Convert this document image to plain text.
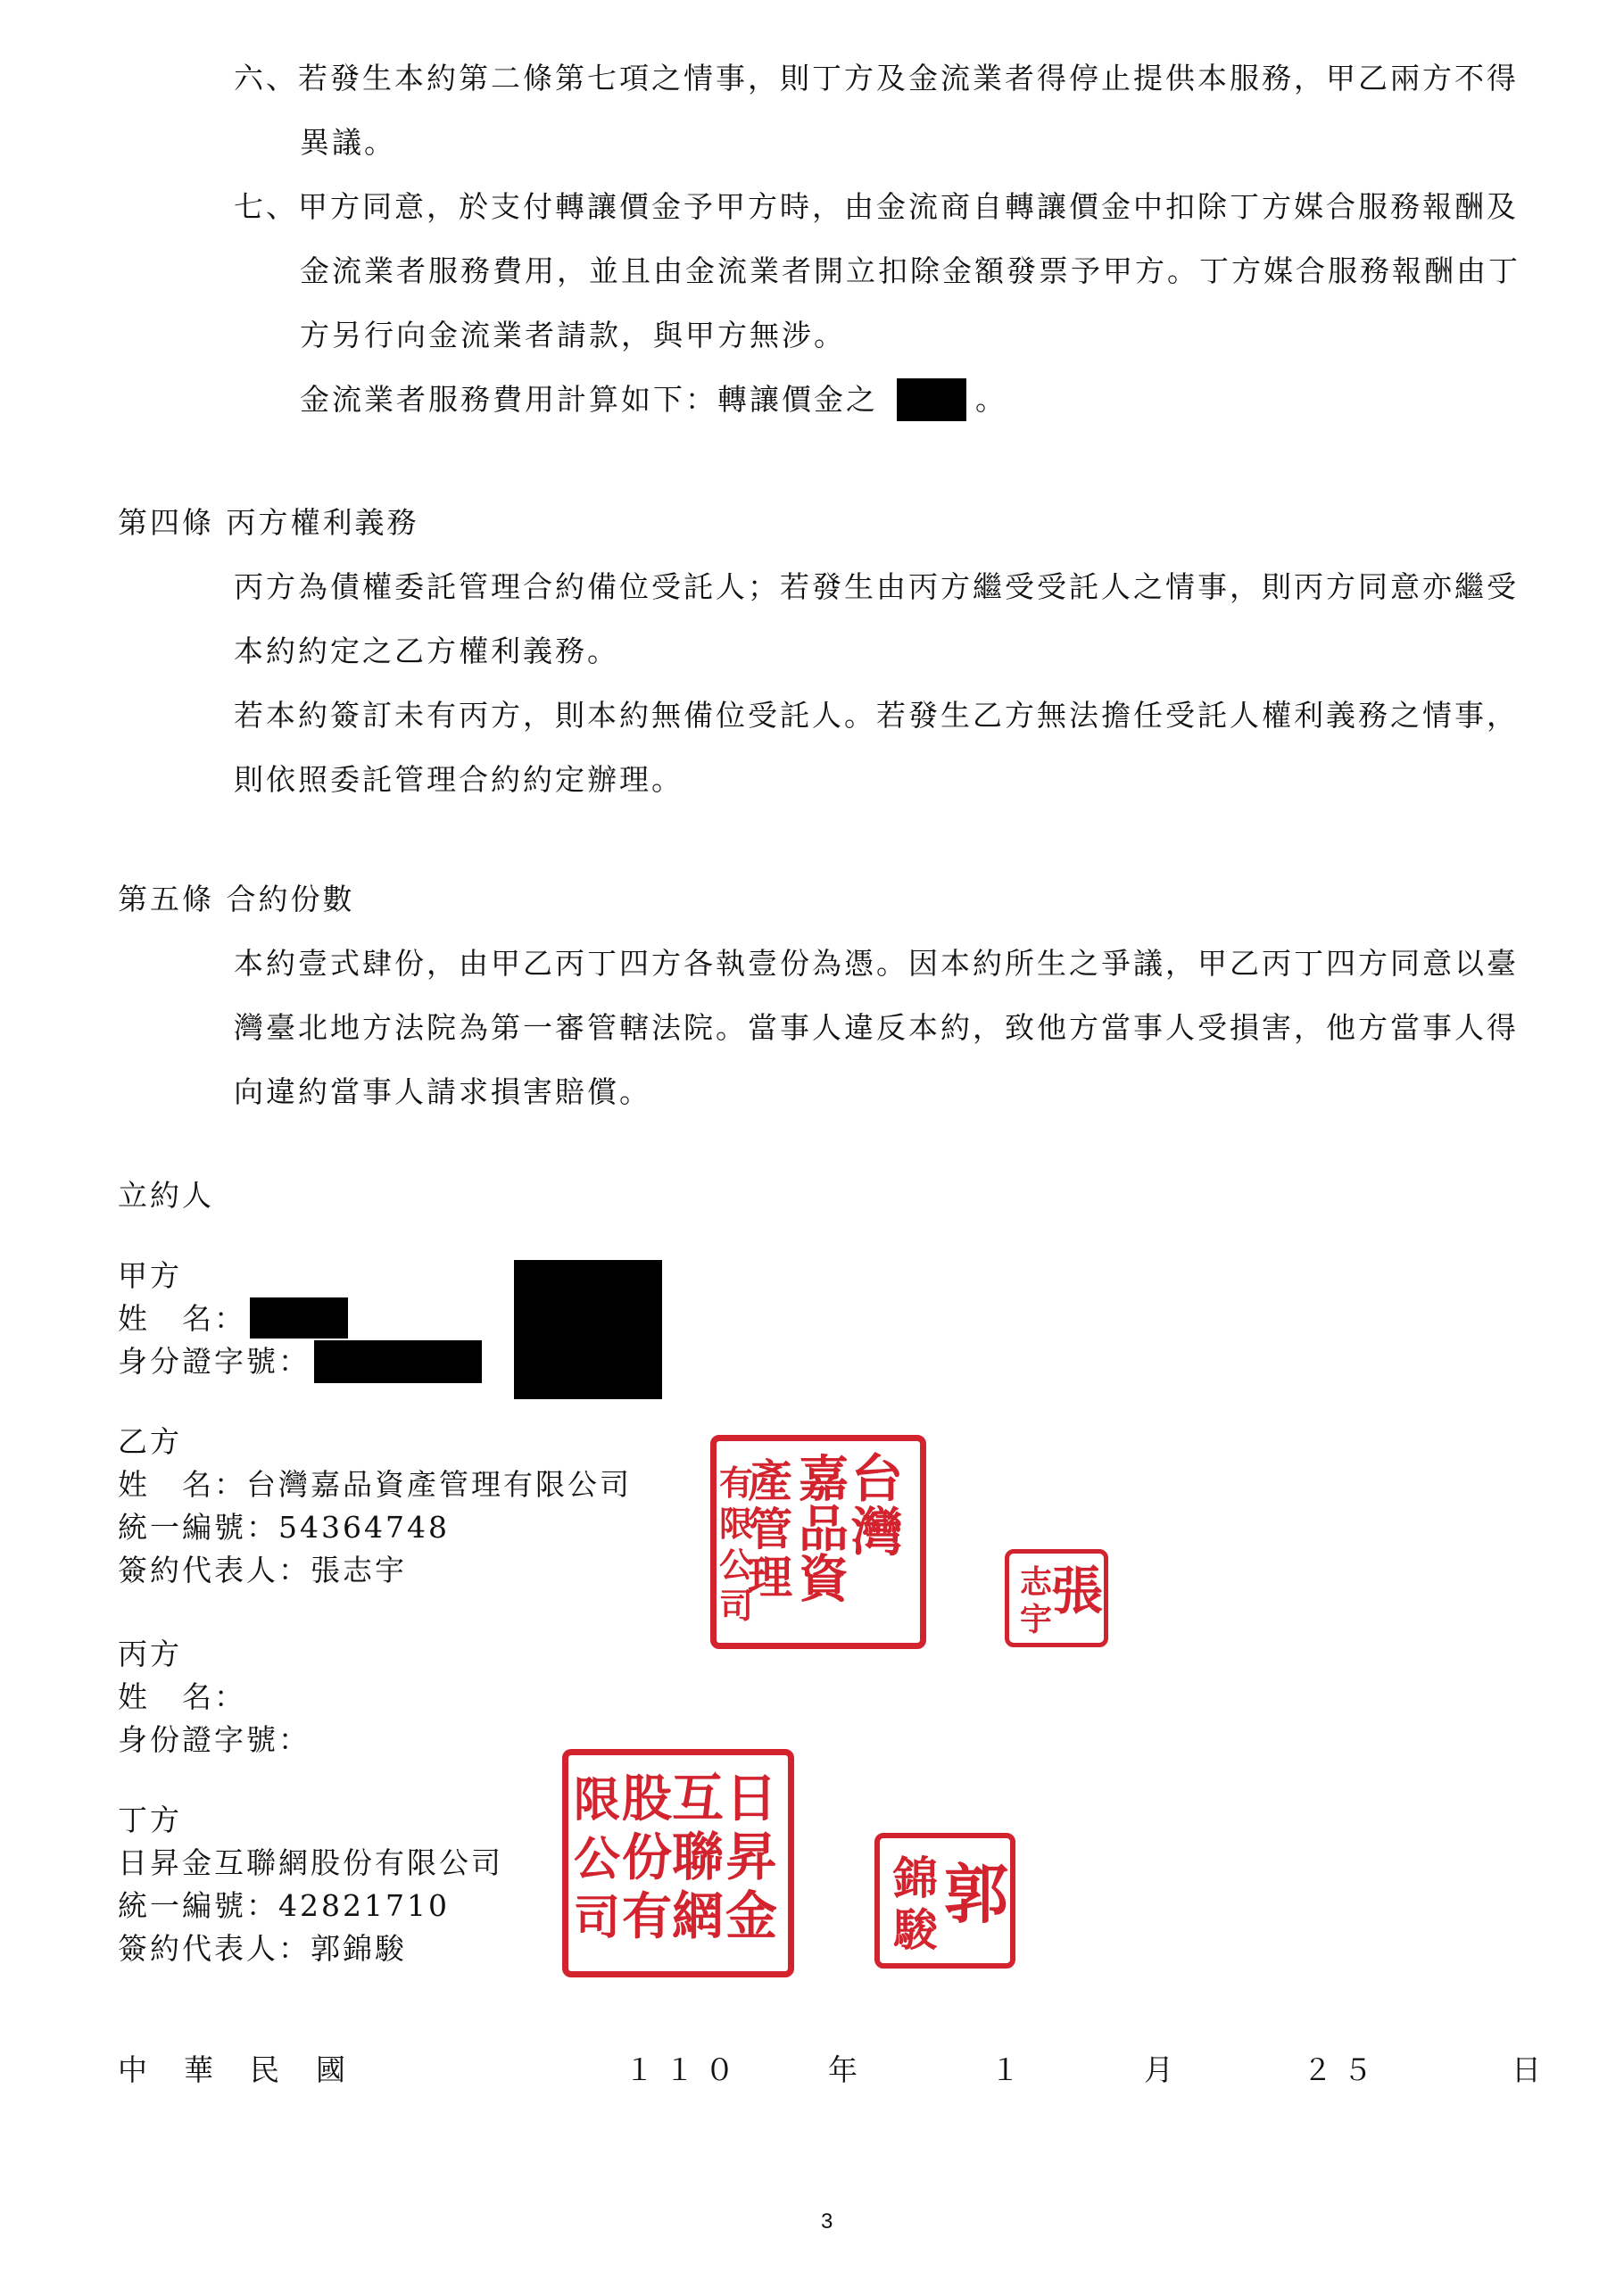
六、若發生本約第二條第七項之情事，則丁方及金流業者得停止提供本服務，甲乙兩方不得
異議。
七、甲方同意，於支付轉讓價金予甲方時，由金流商自轉讓價金中扣除丁方媒合服務報酬及
金流業者服務費用，並且由金流業者開立扣除金額發票予甲方。丁方媒合服務報酬由丁
方另行向金流業者請款，與甲方無涉。
金流業者服務費用計算如下：轉讓價金之	。
第四條 丙方權利義務
丙方為債權委託管理合約備位受託人；若發生由丙方繼受受託人之情事，則丙方同意亦繼受
本約約定之乙方權利義務。
若本約簽訂未有丙方，則本約無備位受託人。若發生乙方無法擔任受託人權利義務之情事，
則依照委託管理合約約定辦理。
第五條 合約份數
本約壹式肆份，由甲乙丙丁四方各執壹份為憑。因本約所生之爭議，甲乙丙丁四方同意以臺
灣臺北地方法院為第一審管轄法院。當事人違反本約，致他方當事人受損害，他方當事人得
向違約當事人請求損害賠償。
立約人
甲方
姓　名：
身分證字號：
乙方
姓　名：台灣嘉品資產管理有限公司
統一編號：54364748
簽約代表人：張志宇
台
灣
嘉
品
資
產
管
理
有
限
公
司	張
志
宇
丙方
姓　名：
身份證字號：
丁方
日昇金互聯網股份有限公司
統一編號：42821710
簽約代表人：郭錦駿
日
昇
金
互
聯
網
股
份
有
限
公
司	郭
錦
駿
中 華 民 國	１１０	年	１	月	２５	日
3
